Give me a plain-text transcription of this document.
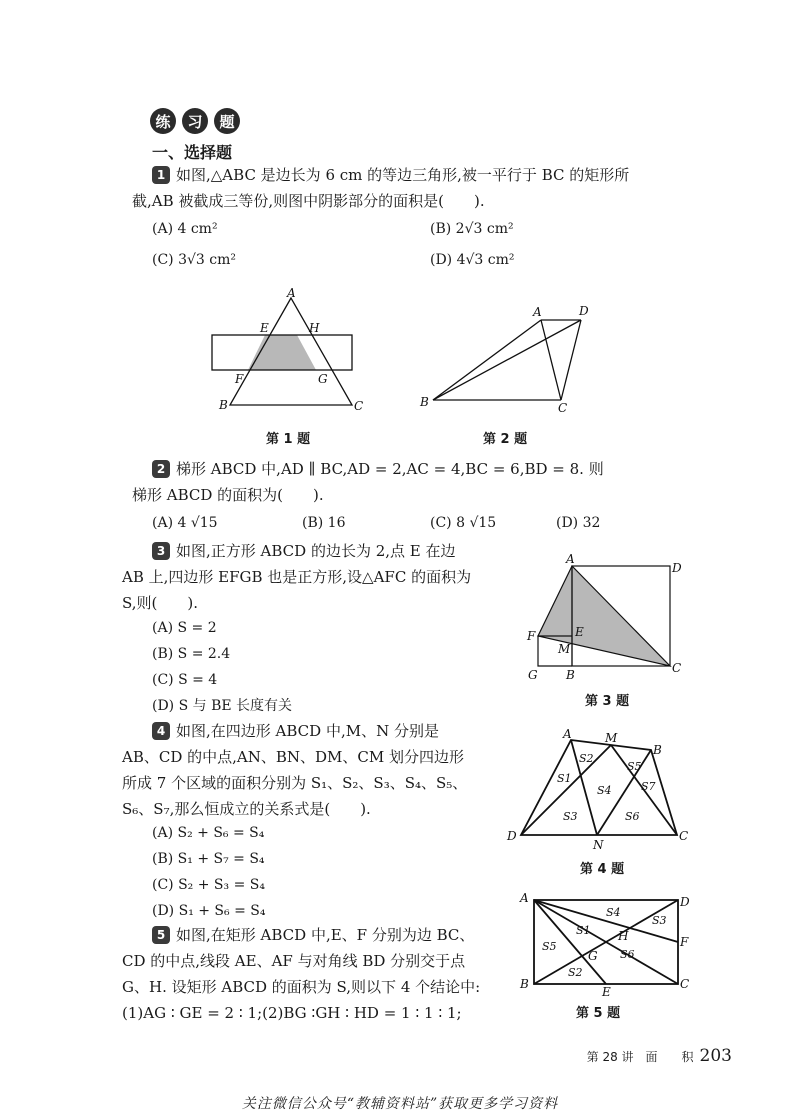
练	习	题
一、选择题
1 如图,△ABC 是边长为 6 cm 的等边三角形,被一平行于 BC 的矩形所
截,AB 被截成三等份,则图中阴影部分的面积是(　　).
(A) 4 cm²	(B) 2√3 cm²
(C) 3√3 cm²	(D) 4√3 cm²
A
E	H
F	G
B	C
第 1 题
A	D
B	C
第 2 题
2 梯形 ABCD 中,AD ∥ BC,AD = 2,AC = 4,BC = 6,BD = 8. 则
梯形 ABCD 的面积为(　　).
(A) 4 √15	(B) 16	(C) 8 √15	(D) 32
3 如图,正方形 ABCD 的边长为 2,点 E 在边
AB 上,四边形 EFGB 也是正方形,设△AFC 的面积为
S,则(　　).
(A) S = 2
(B) S = 2.4
(C) S = 4
(D) S 与 BE 长度有关
A
D
F	E
M
G B	C
第 3 题
4 如图,在四边形 ABCD 中,M、N 分别是
AB、CD 的中点,AN、BN、DM、CM 划分四边形
所成 7 个区域的面积分别为 S₁、S₂、S₃、S₄、S₅、
S₆、S₇,那么恒成立的关系式是(　　).
(A) S₂ + S₆ = S₄
(B) S₁ + S₇ = S₄
(C) S₂ + S₃ = S₄
(D) S₁ + S₆ = S₄
A	M
B
S1
S2
S5
S7
S4
S3	S6
D
N
C
第 4 题
5 如图,在矩形 ABCD 中,E、F 分别为边 BC、
CD 的中点,线段 AE、AF 与对角线 BD 分别交于点
G、H. 设矩形 ABCD 的面积为 S,则以下 4 个结论中:
(1)AG ∶ GE = 2 ∶ 1;(2)BG ∶GH ∶ HD = 1 ∶ 1 ∶ 1;
A	D
S4
S3
S1 H	F
S5
G S6
S2
B
E
C
第 5 题
第 28 讲　面　　积 203
关注微信公众号“教辅资料站”获取更多学习资料
